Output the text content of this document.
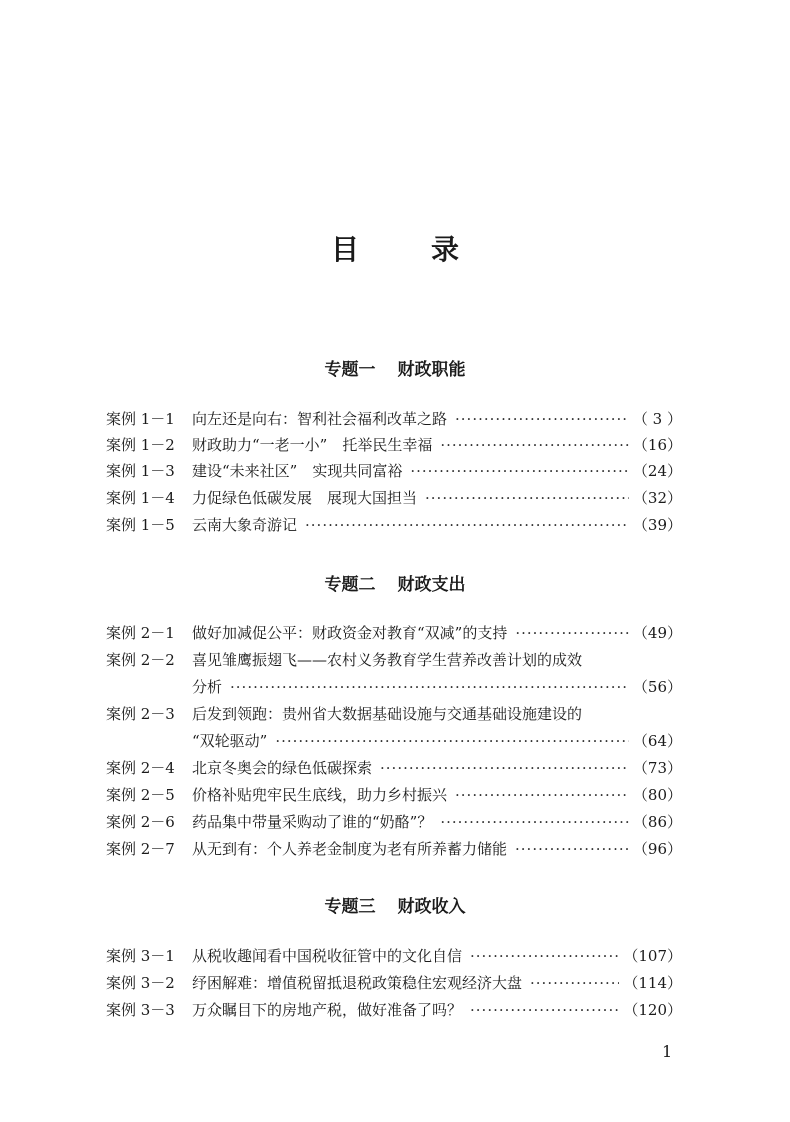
目　录
专题一 财政职能
案例 1－1 向左还是向右：智利社会福利改革之路 ·····	（ 3 ）
案例 1－2 财政助力“一老一小”　托举民生幸福 ·····	（16）
案例 1－3 建设“未来社区”　实现共同富裕 ·····	（24）
案例 1－4 力促绿色低碳发展　展现大国担当 ·····	（32）
案例 1－5 云南大象奇游记 ·····	（39）
专题二 财政支出
案例 2－1 做好加减促公平：财政资金对教育“双减”的支持 ·····	（49）
案例 2－2 喜见雏鹰振翅飞——农村义务教育学生营养改善计划的成效
分析 ·····	（56）
案例 2－3 后发到领跑：贵州省大数据基础设施与交通基础设施建设的
“双轮驱动” ·····	（64）
案例 2－4 北京冬奥会的绿色低碳探索 ·····	（73）
案例 2－5 价格补贴兜牢民生底线，助力乡村振兴 ·····	（80）
案例 2－6 药品集中带量采购动了谁的“奶酪”？ ·····	（86）
案例 2－7 从无到有：个人养老金制度为老有所养蓄力储能 ·····	（96）
专题三 财政收入
案例 3－1 从税收趣闻看中国税收征管中的文化自信 ·····	（107）
案例 3－2 纾困解难：增值税留抵退税政策稳住宏观经济大盘 ·····	（114）
案例 3－3 万众瞩目下的房地产税，做好准备了吗？ ·····	（120）
1
